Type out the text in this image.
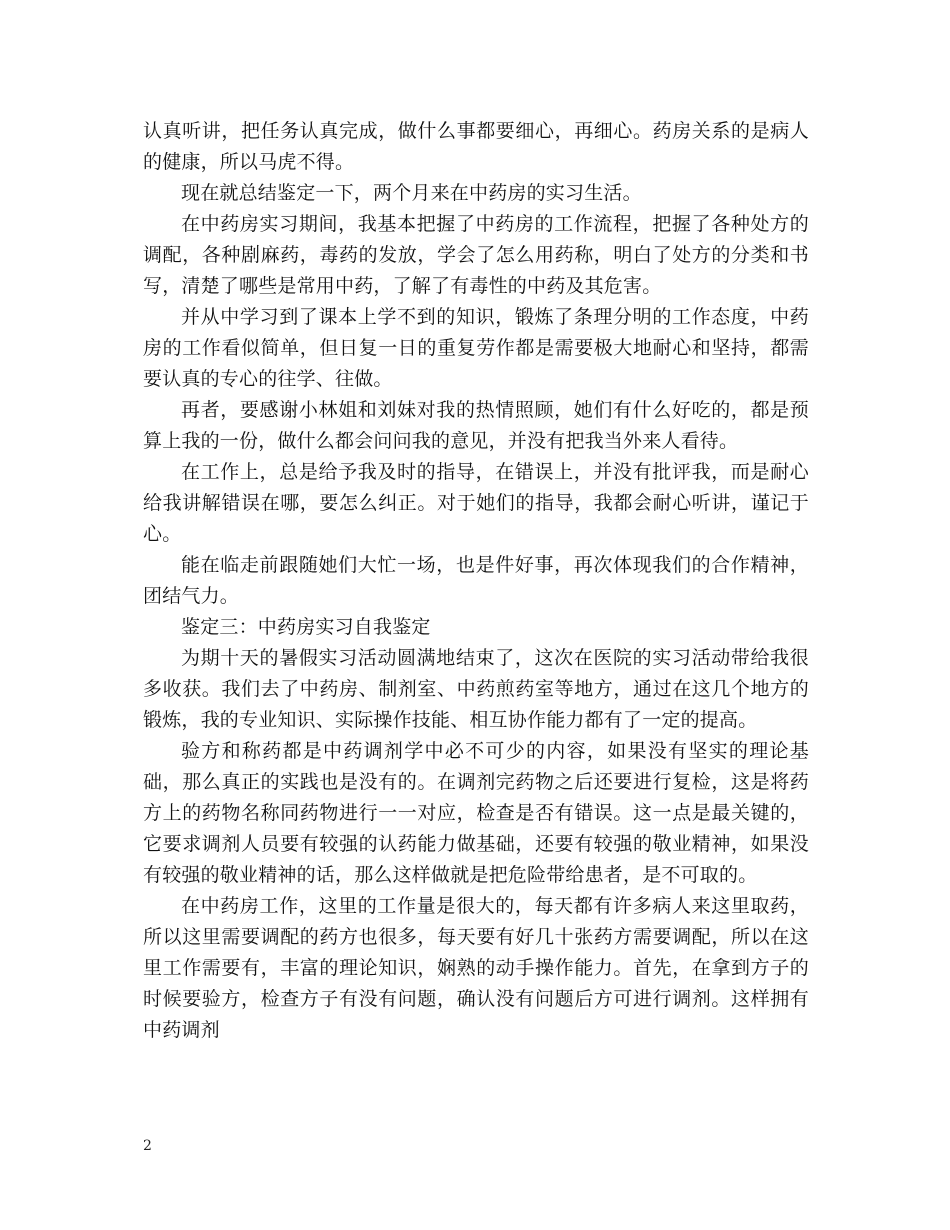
认真听讲，把任务认真完成，做什么事都要细心，再细心。药房关系的是病人的健康，所以马虎不得。

现在就总结鉴定一下，两个月来在中药房的实习生活。

在中药房实习期间，我基本把握了中药房的工作流程，把握了各种处方的调配，各种剧麻药，毒药的发放，学会了怎么用药称，明白了处方的分类和书写，清楚了哪些是常用中药，了解了有毒性的中药及其危害。

并从中学习到了课本上学不到的知识，锻炼了条理分明的工作态度，中药房的工作看似简单，但日复一日的重复劳作都是需要极大地耐心和坚持，都需要认真的专心的往学、往做。

再者，要感谢小林姐和刘妹对我的热情照顾，她们有什么好吃的，都是预算上我的一份，做什么都会问问我的意见，并没有把我当外来人看待。

在工作上，总是给予我及时的指导，在错误上，并没有批评我，而是耐心给我讲解错误在哪，要怎么纠正。对于她们的指导，我都会耐心听讲，谨记于心。

能在临走前跟随她们大忙一场，也是件好事，再次体现我们的合作精神，团结气力。

鉴定三：中药房实习自我鉴定

为期十天的暑假实习活动圆满地结束了，这次在医院的实习活动带给我很多收获。我们去了中药房、制剂室、中药煎药室等地方，通过在这几个地方的锻炼，我的专业知识、实际操作技能、相互协作能力都有了一定的提高。

验方和称药都是中药调剂学中必不可少的内容，如果没有坚实的理论基础，那么真正的实践也是没有的。在调剂完药物之后还要进行复检，这是将药方上的药物名称同药物进行一一对应，检查是否有错误。这一点是最关键的，它要求调剂人员要有较强的认药能力做基础，还要有较强的敬业精神，如果没有较强的敬业精神的话，那么这样做就是把危险带给患者，是不可取的。

在中药房工作，这里的工作量是很大的，每天都有许多病人来这里取药，所以这里需要调配的药方也很多，每天要有好几十张药方需要调配，所以在这里工作需要有，丰富的理论知识，娴熟的动手操作能力。首先，在拿到方子的时候要验方，检查方子有没有问题，确认没有问题后方可进行调剂。这样拥有中药调剂

2
